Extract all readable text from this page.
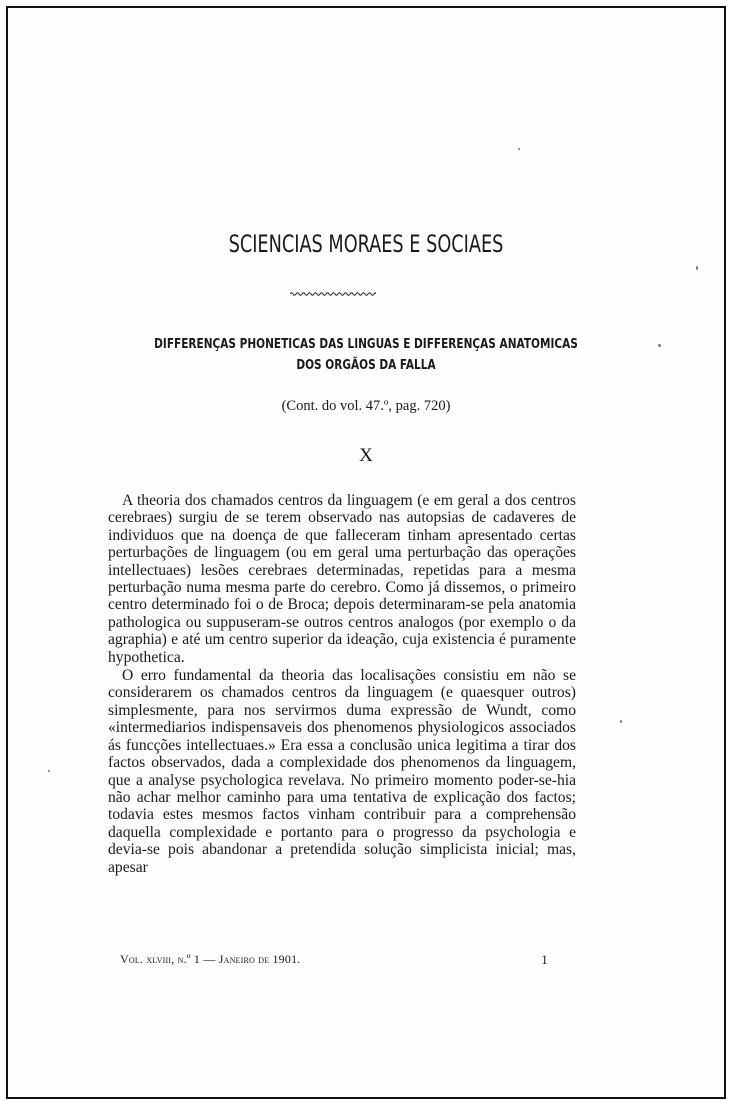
SCIENCIAS MORAES E SOCIAES
DIFFERENÇAS PHONETICAS DAS LINGUAS E DIFFERENÇAS ANATOMICAS
DOS ORGÃOS DA FALLA

(Cont. do vol. 47.º, pag. 720)

X

A theoria dos chamados centros da linguagem (e em geral a dos centros cerebraes) surgiu de se terem observado nas autopsias de cadaveres de individuos que na doença de que falleceram tinham apresentado certas perturbações de linguagem (ou em geral uma perturbação das operações intellectuaes) lesões cerebraes determinadas, repetidas para a mesma perturbação numa mesma parte do cerebro. Como já dissemos, o primeiro centro determinado foi o de Broca; depois determinaram-se pela anatomia pathologica ou suppuseram-se outros centros analogos (por exemplo o da agraphia) e até um centro superior da ideação, cuja existencia é puramente hypothetica.

O erro fundamental da theoria das localisações consistiu em não se considerarem os chamados centros da linguagem (e quaesquer outros) simplesmente, para nos servirmos duma expressão de Wundt, como «intermediarios indispensaveis dos phenomenos physiologicos associados ás funcções intellectuaes.» Era essa a conclusão unica legitima a tirar dos factos observados, dada a complexidade dos phenomenos da linguagem, que a analyse psychologica revelava. No primeiro momento poder-se-hia não achar melhor caminho para uma tentativa de explicação dos factos; todavia estes mesmos factos vinham contribuir para a comprehensão daquella complexidade e portanto para o progresso da psychologia e devia-se pois abandonar a pretendida solução simplicista inicial; mas, apesar

Vol. xlviii, n.º 1 — Janeiro de 1901.	1
